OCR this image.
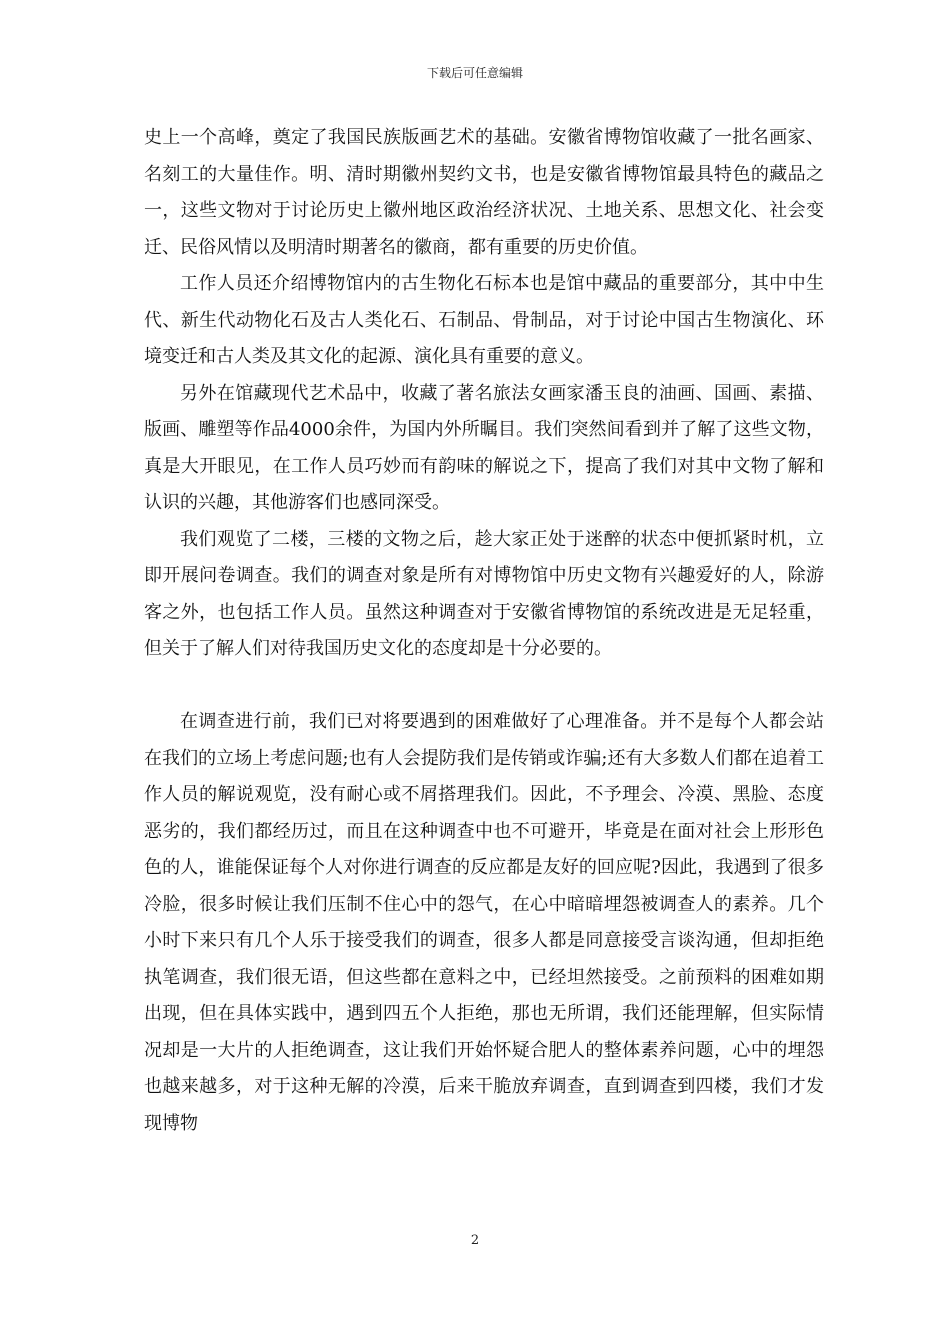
下载后可任意编辑

史上一个高峰，奠定了我国民族版画艺术的基础。安徽省博物馆收藏了一批名画家、名刻工的大量佳作。明、清时期徽州契约文书，也是安徽省博物馆最具特色的藏品之一，这些文物对于讨论历史上徽州地区政治经济状况、土地关系、思想文化、社会变迁、民俗风情以及明清时期著名的徽商，都有重要的历史价值。

工作人员还介绍博物馆内的古生物化石标本也是馆中藏品的重要部分，其中中生代、新生代动物化石及古人类化石、石制品、骨制品，对于讨论中国古生物演化、环境变迁和古人类及其文化的起源、演化具有重要的意义。

另外在馆藏现代艺术品中，收藏了著名旅法女画家潘玉良的油画、国画、素描、版画、雕塑等作品4000余件，为国内外所瞩目。我们突然间看到并了解了这些文物，真是大开眼见，在工作人员巧妙而有韵味的解说之下，提高了我们对其中文物了解和认识的兴趣，其他游客们也感同深受。

我们观览了二楼，三楼的文物之后，趁大家正处于迷醉的状态中便抓紧时机，立即开展问卷调查。我们的调查对象是所有对博物馆中历史文物有兴趣爱好的人，除游客之外，也包括工作人员。虽然这种调查对于安徽省博物馆的系统改进是无足轻重，但关于了解人们对待我国历史文化的态度却是十分必要的。

在调查进行前，我们已对将要遇到的困难做好了心理准备。并不是每个人都会站在我们的立场上考虑问题;也有人会提防我们是传销或诈骗;还有大多数人们都在追着工作人员的解说观览，没有耐心或不屑搭理我们。因此，不予理会、冷漠、黑脸、态度恶劣的，我们都经历过，而且在这种调查中也不可避开，毕竟是在面对社会上形形色色的人，谁能保证每个人对你进行调查的反应都是友好的回应呢?因此，我遇到了很多冷脸，很多时候让我们压制不住心中的怨气，在心中暗暗埋怨被调查人的素养。几个小时下来只有几个人乐于接受我们的调查，很多人都是同意接受言谈沟通，但却拒绝执笔调查，我们很无语，但这些都在意料之中，已经坦然接受。之前预料的困难如期出现，但在具体实践中，遇到四五个人拒绝，那也无所谓，我们还能理解，但实际情况却是一大片的人拒绝调查，这让我们开始怀疑合肥人的整体素养问题，心中的埋怨也越来越多，对于这种无解的冷漠，后来干脆放弃调查，直到调查到四楼，我们才发现博物

2
